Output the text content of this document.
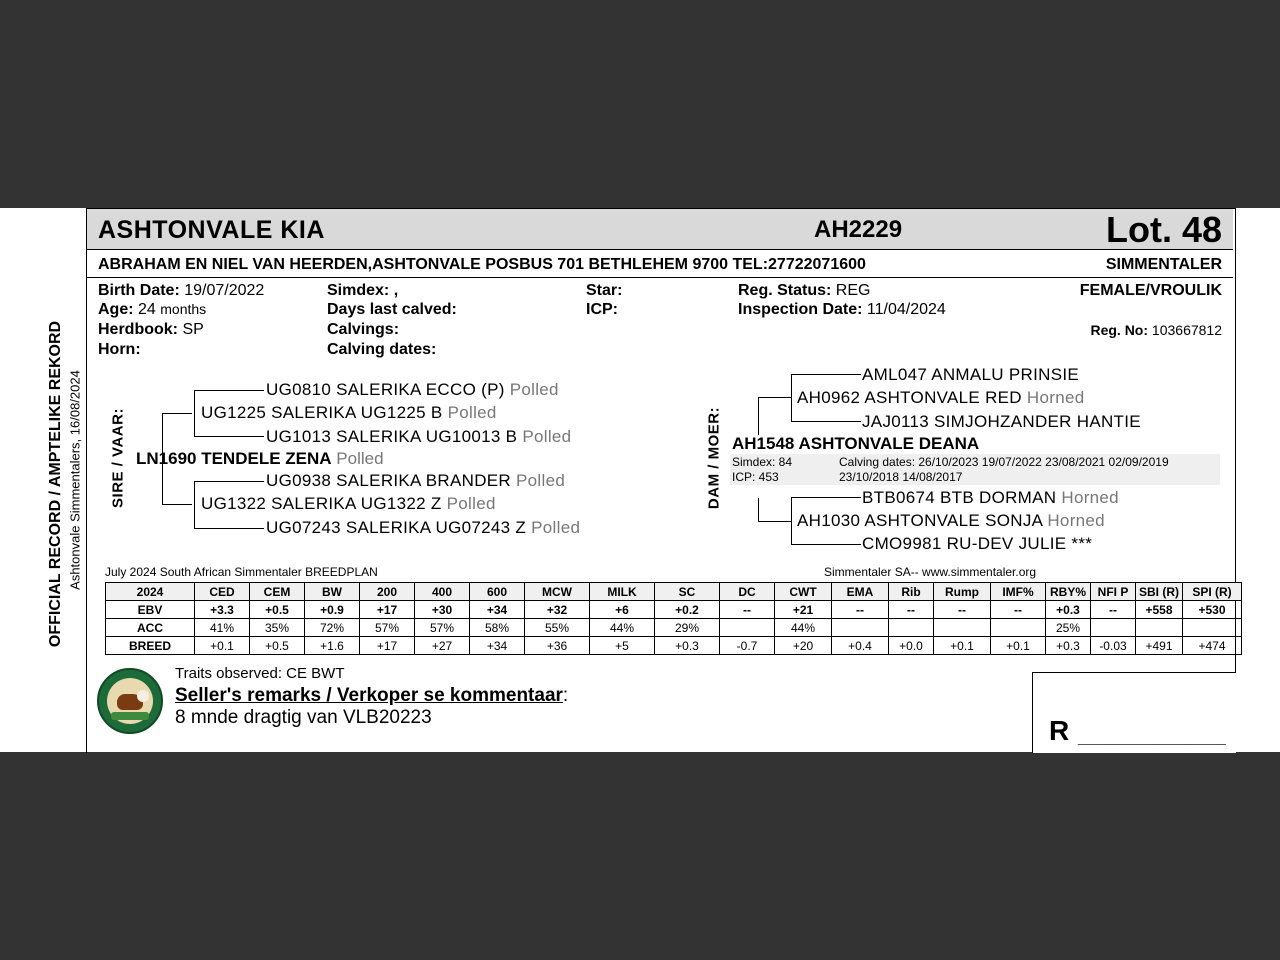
ASHTONVALE KIA	AH2229	Lot. 48
ABRAHAM EN NIEL VAN HEERDEN,ASHTONVALE POSBUS 701 BETHLEHEM 9700 TEL:27722071600	SIMMENTALER
Birth Date: 19/07/2022
Age: 24 months
Herdbook: SP
Horn:
Simdex: ,
Days last calved:
Calvings:
Calving dates:
Star:
ICP:
Reg. Status: REG
Inspection Date: 11/04/2024
FEMALE/VROULIK
Reg. No: 103667812
OFFICIAL RECORD / AMPTELIKE REKORD Ashtonvale Simmentalers, 16/08/2024 SIRE / VAAR:
UG0810 SALERIKA ECCO (P) Polled
UG1225 SALERIKA UG1225 B Polled
UG1013 SALERIKA UG10013 B Polled
LN1690 TENDELE ZENA Polled
UG0938 SALERIKA BRANDER Polled
UG1322 SALERIKA UG1322 Z Polled
UG07243 SALERIKA UG07243 Z Polled
DAM / MOER:
AML047 ANMALU PRINSIE
AH0962 ASHTONVALE RED Horned
JAJ0113 SIMJOHZANDER HANTIE
AH1548 ASHTONVALE DEANA
Simdex: 84
ICP: 453
Calving dates: 26/10/2023 19/07/2022 23/08/2021 02/09/2019
23/10/2018 14/08/2017
BTB0674 BTB DORMAN Horned
AH1030 ASHTONVALE SONJA Horned
CMO9981 RU-DEV JULIE ***
July 2024 South African Simmentaler BREEDPLAN	Simmentaler SA-- www.simmentaler.org
2024	CED	CEM	BW	200	400	600	MCW	MILK	SC	DC	CWT	EMA	Rib	Rump	IMF%	RBY%	NFI P	SBI (R)	SPI (R)
EBV	+3.3	+0.5	+0.9	+17	+30	+34	+32	+6	+0.2	--	+21	--	--	--	--	+0.3	--	+558	+530
ACC	41%	35%	72%	57%	57%	58%	55%	44%	29%		44%					25%			
BREED	+0.1	+0.5	+1.6	+17	+27	+34	+36	+5	+0.3	-0.7	+20	+0.4	+0.0	+0.1	+0.1	+0.3	-0.03	+491	+474
Traits observed: CE BWT
Seller's remarks / Verkoper se kommentaar:
8 mnde dragtig van VLB20223	R ___________________
